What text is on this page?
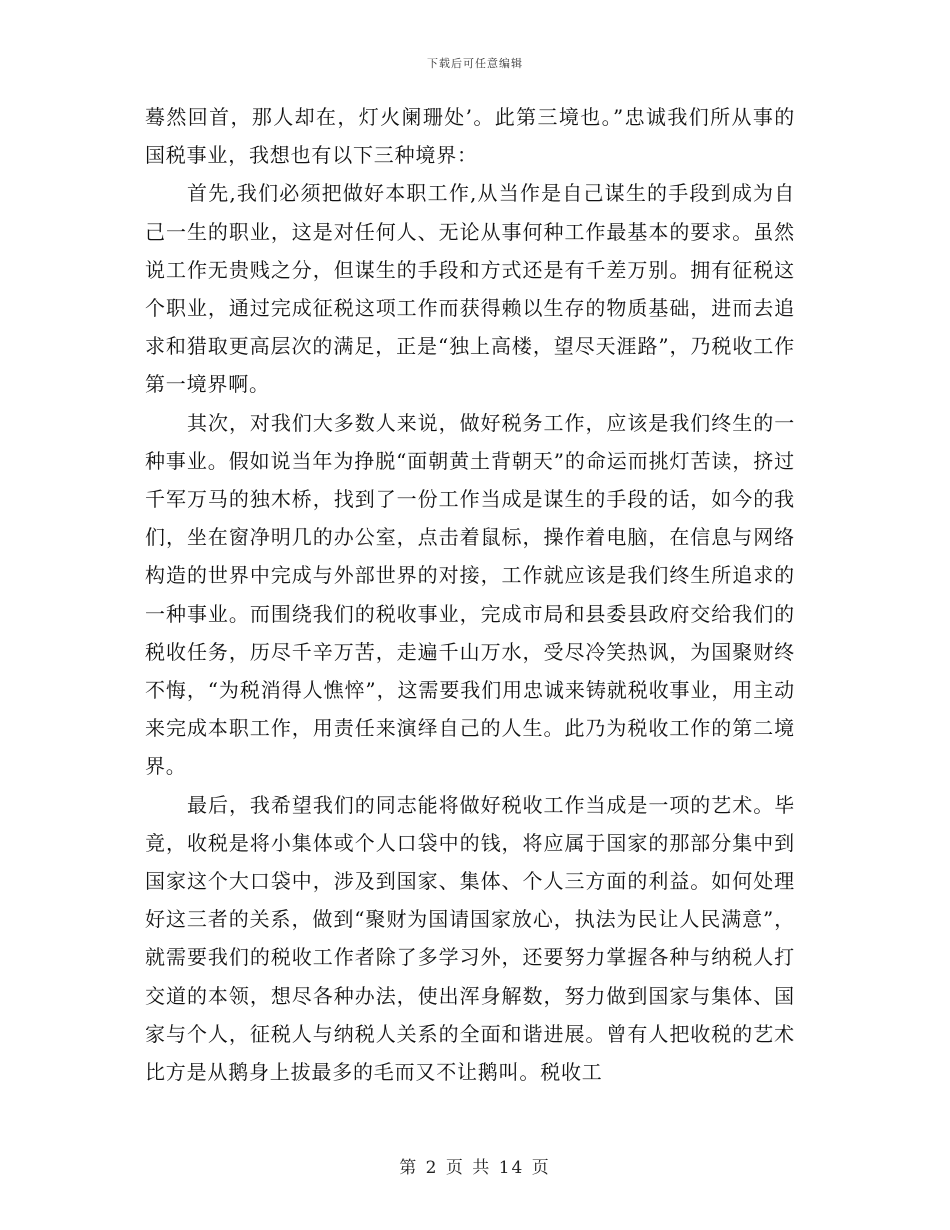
下载后可任意编辑

蓦然回首，那人却在，灯火阑珊处’。此第三境也。”忠诚我们所从事的国税事业，我想也有以下三种境界：

首先,我们必须把做好本职工作,从当作是自己谋生的手段到成为自己一生的职业，这是对任何人、无论从事何种工作最基本的要求。虽然说工作无贵贱之分，但谋生的手段和方式还是有千差万别。拥有征税这个职业，通过完成征税这项工作而获得赖以生存的物质基础，进而去追求和猎取更高层次的满足，正是“独上高楼，望尽天涯路”，乃税收工作第一境界啊。

其次，对我们大多数人来说，做好税务工作，应该是我们终生的一种事业。假如说当年为挣脱“面朝黄土背朝天”的命运而挑灯苦读，挤过千军万马的独木桥，找到了一份工作当成是谋生的手段的话，如今的我们，坐在窗净明几的办公室，点击着鼠标，操作着电脑，在信息与网络构造的世界中完成与外部世界的对接，工作就应该是我们终生所追求的一种事业。而围绕我们的税收事业，完成市局和县委县政府交给我们的税收任务，历尽千辛万苦，走遍千山万水，受尽冷笑热讽，为国聚财终不悔，“为税消得人憔悴”，这需要我们用忠诚来铸就税收事业，用主动来完成本职工作，用责任来演绎自己的人生。此乃为税收工作的第二境界。

最后，我希望我们的同志能将做好税收工作当成是一项的艺术。毕竟，收税是将小集体或个人口袋中的钱，将应属于国家的那部分集中到国家这个大口袋中，涉及到国家、集体、个人三方面的利益。如何处理好这三者的关系，做到“聚财为国请国家放心，执法为民让人民满意”，就需要我们的税收工作者除了多学习外，还要努力掌握各种与纳税人打交道的本领，想尽各种办法，使出浑身解数，努力做到国家与集体、国家与个人，征税人与纳税人关系的全面和谐进展。曾有人把收税的艺术比方是从鹅身上拔最多的毛而又不让鹅叫。税收工

第 2 页 共 14 页
